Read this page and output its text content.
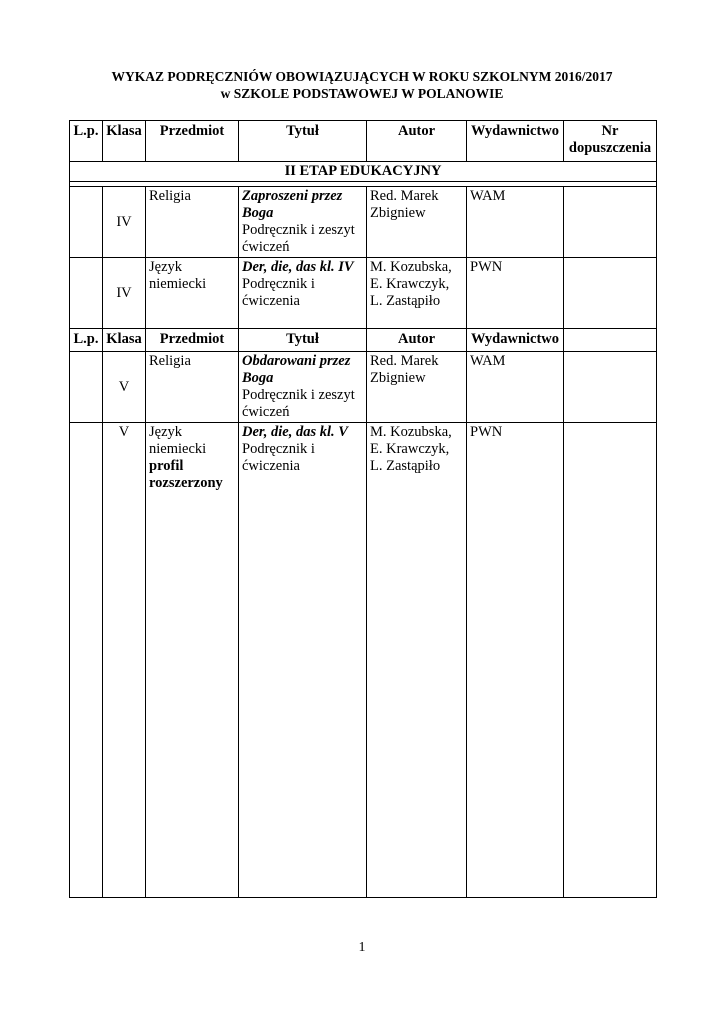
WYKAZ PODRĘCZNIÓW OBOWIĄZUJĄCYCH W ROKU SZKOLNYM 2016/2017
w SZKOLE PODSTAWOWEJ W POLANOWIE
L.p.	Klasa	Przedmiot	Tytuł	Autor	Wydawnictwo	Nr
dopuszczenia
II ETAP EDUKACYJNY						

	IV	Religia	Zaproszeni przez
Boga
Podręcznik i zeszyt
ćwiczeń	Red. Marek
Zbigniew	WAM	
	IV	Język
niemiecki	Der, die, das kl. IV
Podręcznik i
ćwiczenia	M. Kozubska,
E. Krawczyk,
L. Zastąpiło	PWN	
L.p.	Klasa	Przedmiot	Tytuł	Autor	Wydawnictwo	
	V	Religia	Obdarowani przez
Boga
Podręcznik i zeszyt
ćwiczeń	Red. Marek
Zbigniew	WAM	
	V	Język
niemiecki
profil
rozszerzony	Der, die, das kl. V
Podręcznik i
ćwiczenia	M. Kozubska,
E. Krawczyk,
L. Zastąpiło	PWN	
1
